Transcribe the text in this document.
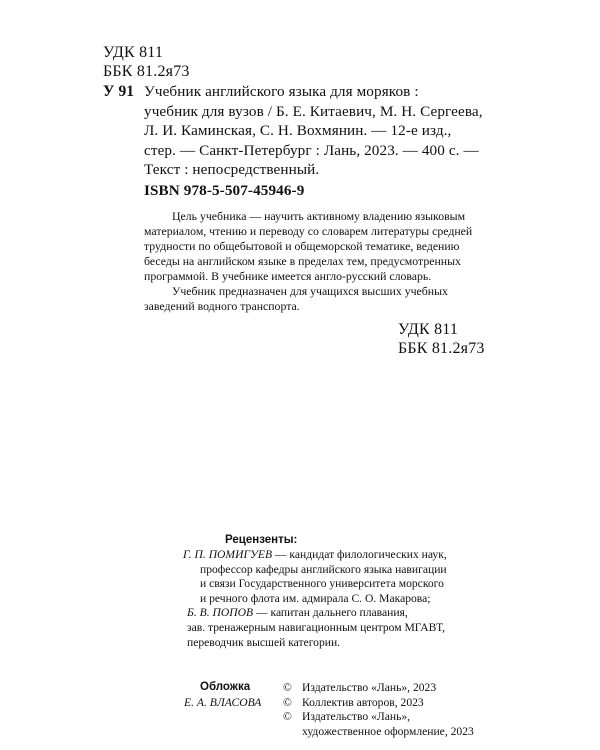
УДК 811
ББК 81.2я73
У 91 Учебник английского языка для моряков :
учебник для вузов / Б. Е. Китаевич, М. Н. Сергеева,
Л. И. Каминская, С. Н. Вохмянин. — 12-е изд.,
стер. — Санкт-Петербург : Лань, 2023. — 400 с. —
Текст : непосредственный.
ISBN 978-5-507-45946-9
Цель учебника — научить активному владению языковым
материалом, чтению и переводу со словарем литературы средней
трудности по общебытовой и общеморской тематике, ведению
беседы на английском языке в пределах тем, предусмотренных
программой. В учебнике имеется англо-русский словарь.
Учебник предназначен для учащихся высших учебных
заведений водного транспорта.
УДК 811
ББК 81.2я73
Рецензенты:
Г. П. ПОМИГУЕВ — кандидат филологических наук,
профессор кафедры английского языка навигации
и связи Государственного университета морского
и речного флота им. адмирала С. О. Макарова;
Б. В. ПОПОВ — капитан дальнего плавания,
зав. тренажерным навигационным центром МГАВТ,
переводчик высшей категории.
Обложка
Е. А. ВЛАСОВА
© Издательство «Лань», 2023
© Коллектив авторов, 2023
© Издательство «Лань»,
художественное оформление, 2023
